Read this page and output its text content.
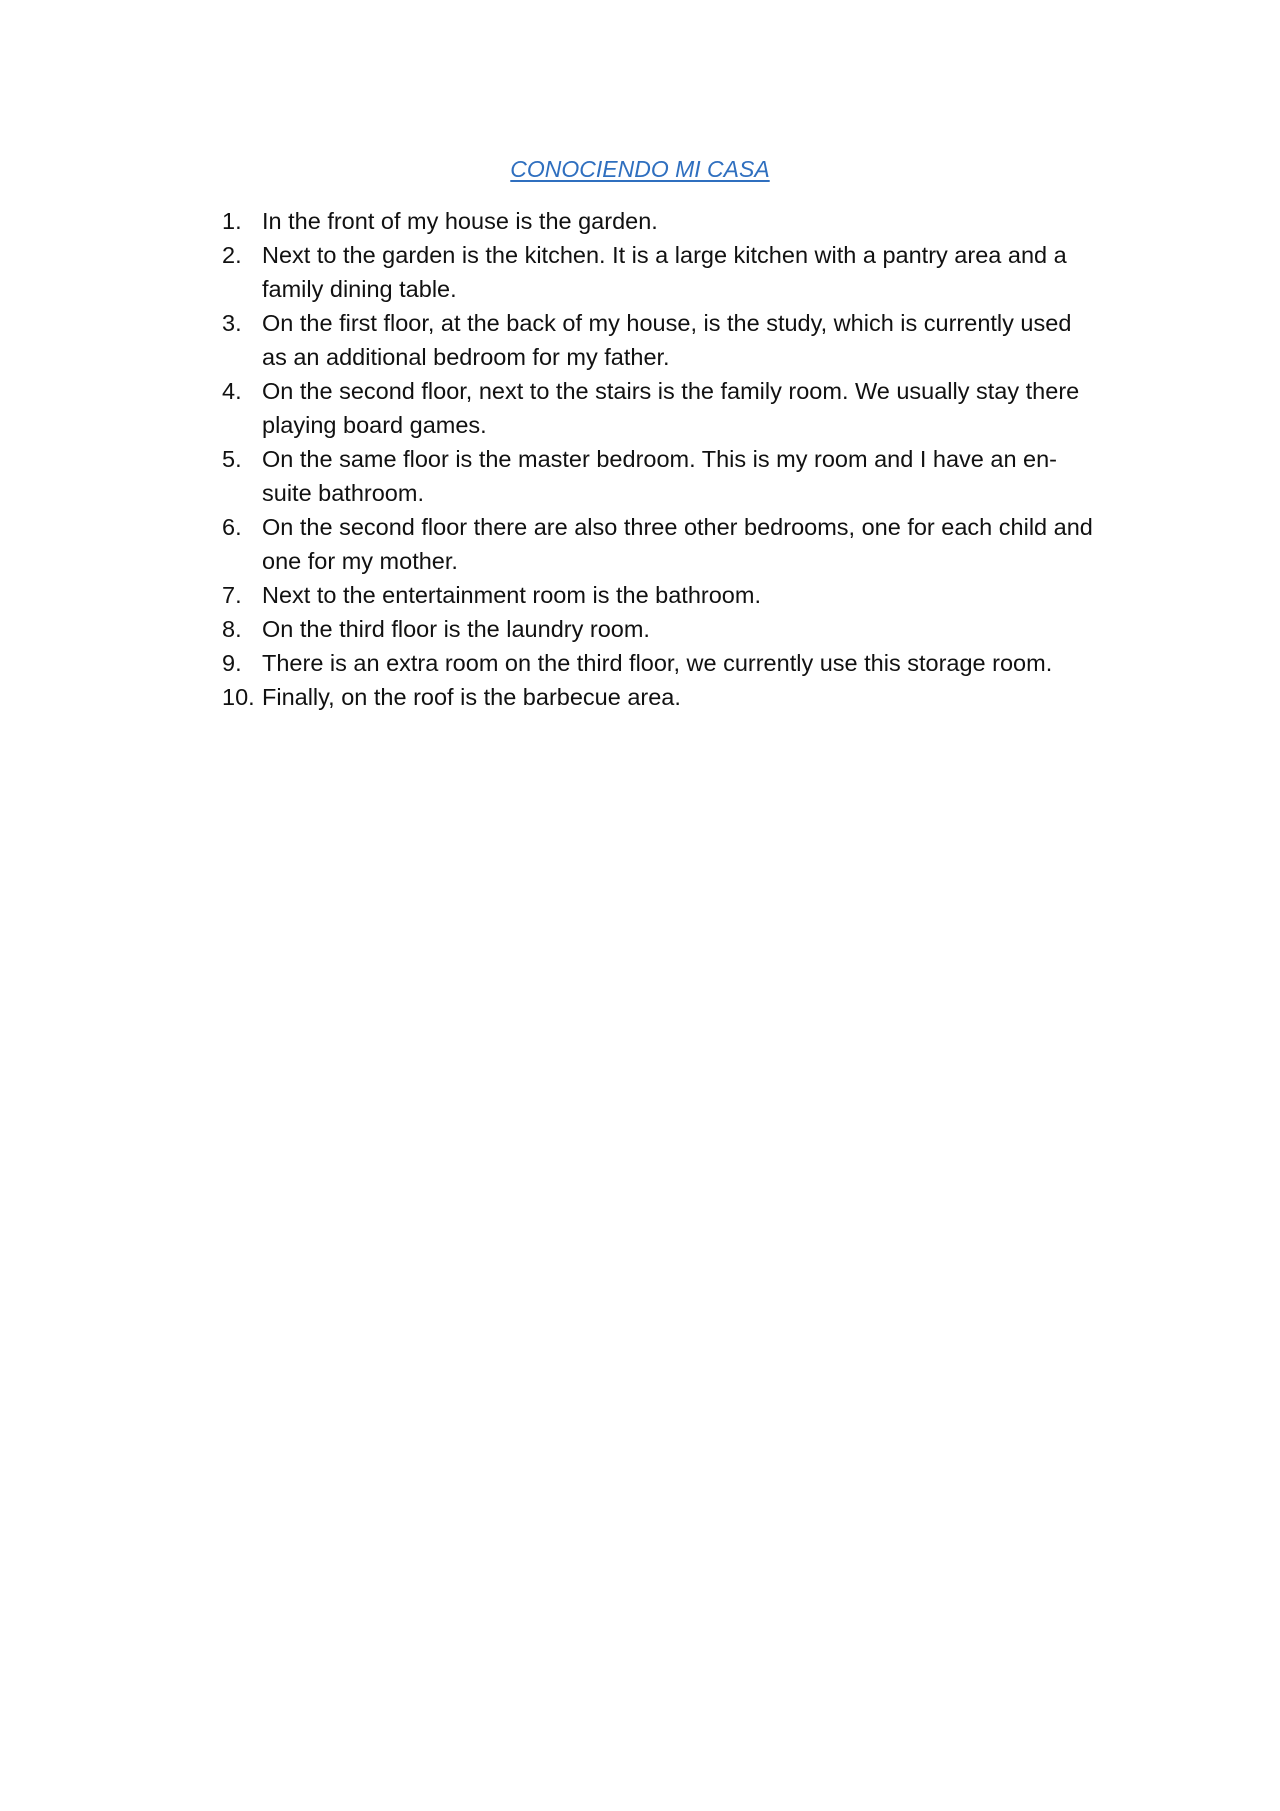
CONOCIENDO MI CASA
1. In the front of my house is the garden.
2. Next to the garden is the kitchen. It is a large kitchen with a pantry area and a family dining table.
3. On the first floor, at the back of my house, is the study, which is currently used as an additional bedroom for my father.
4. On the second floor, next to the stairs is the family room. We usually stay there playing board games.
5. On the same floor is the master bedroom. This is my room and I have an en-suite bathroom.
6. On the second floor there are also three other bedrooms, one for each child and one for my mother.
7. Next to the entertainment room is the bathroom.
8. On the third floor is the laundry room.
9. There is an extra room on the third floor, we currently use this storage room.
10. Finally, on the roof is the barbecue area.
